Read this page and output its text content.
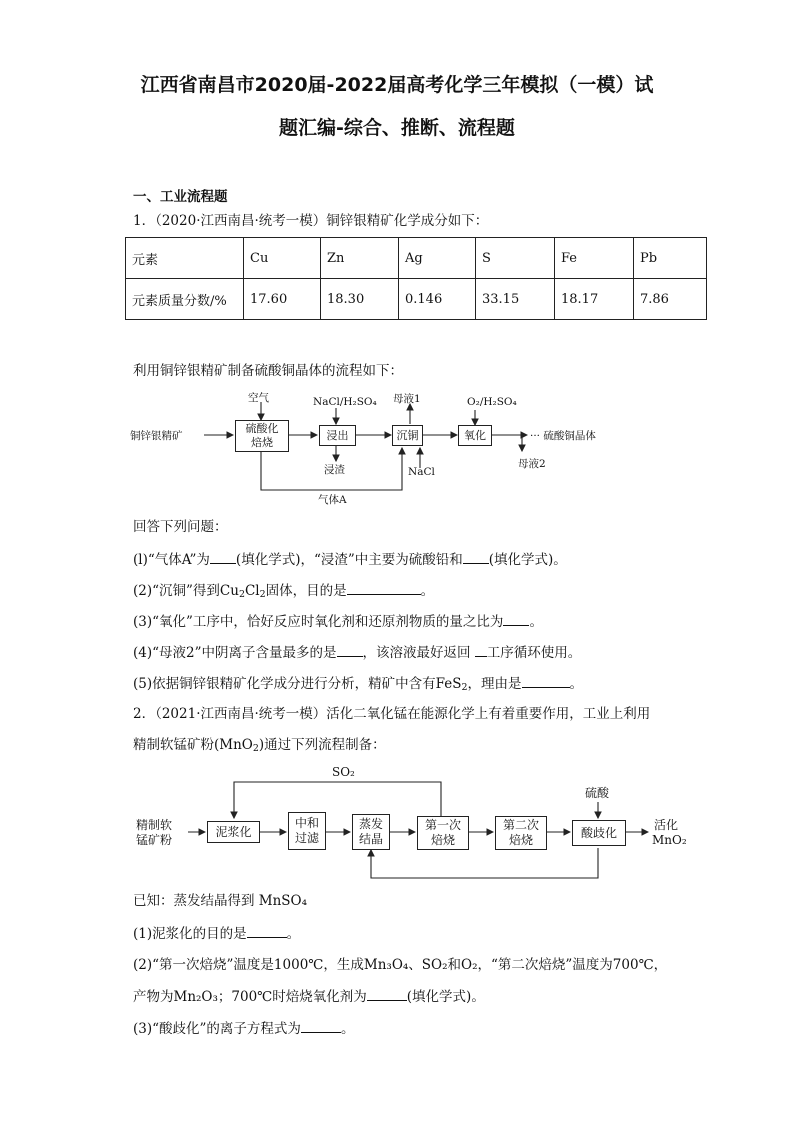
江西省南昌市2020届-2022届高考化学三年模拟（一模）试
题汇编-综合、推断、流程题
一、工业流程题
1．（2020·江西南昌·统考一模）铜锌银精矿化学成分如下：
元素	Cu	Zn	Ag	S	Fe	Pb
元素质量分数/%	17.60	18.30	0.146	33.15	18.17	7.86
利用铜锌银精矿制备硫酸铜晶体的流程如下：
铜锌银精矿
空气
硫酸化
焙烧
NaCl/H₂SO₄
浸出
浸渣
母液1
沉铜
NaCl
O₂/H₂SO₄
氧化	··· 硫酸铜晶体
母液2
气体A
回答下列问题：
(l)“气体A”为 (填化学式)，“浸渣”中主要为硫酸铅和 (填化学式)。
(2)“沉铜”得到$Cu_2Cl_2$固体，目的是	。
(3)“氧化”工序中，恰好反应时氧化剂和还原剂物质的量之比为 。
(4)“母液2”中阴离子含量最多的是 ，该溶液最好返回 工序循环使用。
(5)依据铜锌银精矿化学成分进行分析，精矿中含有FeS$_2$，理由是	。
2．（2021·江西南昌·统考一模）活化二氧化锰在能源化学上有着重要作用，工业上利用
精制软锰矿粉(MnO$_2$)通过下列流程制备：
SO₂
精制软
锰矿粉
泥浆化
中和
过滤
蒸发
结晶
第一次
焙烧
第二次
焙烧
硫酸
酸歧化
活化
MnO₂
已知：蒸发结晶得到 MnSO₄
(1)泥浆化的目的是	。
(2)“第一次焙烧”温度是1000℃，生成Mn₃O₄、SO₂和O₂，“第二次焙烧”温度为700℃，
产物为Mn₂O₃；700℃时焙烧氧化剂为	(填化学式)。
(3)“酸歧化”的离子方程式为	。
